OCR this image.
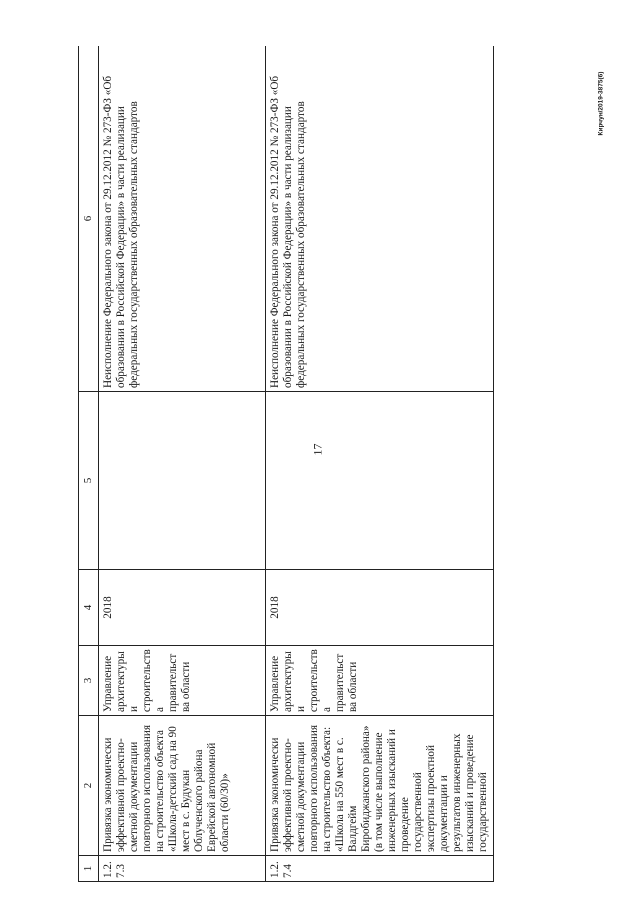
17
Кирчун/2019-3875(6)
1	2	3	4	5	6
1.2.7.3	Привязка экономически эффективной проектно-сметной документации повторного использования на строительство объекта «Школа-детский сад на 90 мест в с. Будукан Облученского района Еврейской автономной области (60/30)»	Управление архитектуры и строительства правительства области	2018		Неисполнение Федерального закона от 29.12.2012 № 273-ФЗ «Об образовании в Российской Федерации» в части реализации федеральных государственных образовательных стандартов
1.2.7.4	Привязка экономически эффективной проектно-сметной документации повторного использования на строительство объекта: «Школа на 550 мест в с. Валдгейм Биробиджанского района» (в том числе выполнение инженерных изысканий и проведение государственной экспертизы проектной документации и результатов инженерных изысканий и проведение государственной	Управление архитектуры и строительства правительства области	2018		Неисполнение Федерального закона от 29.12.2012 № 273-ФЗ «Об образовании в Российской Федерации» в части реализации федеральных государственных образовательных стандартов
